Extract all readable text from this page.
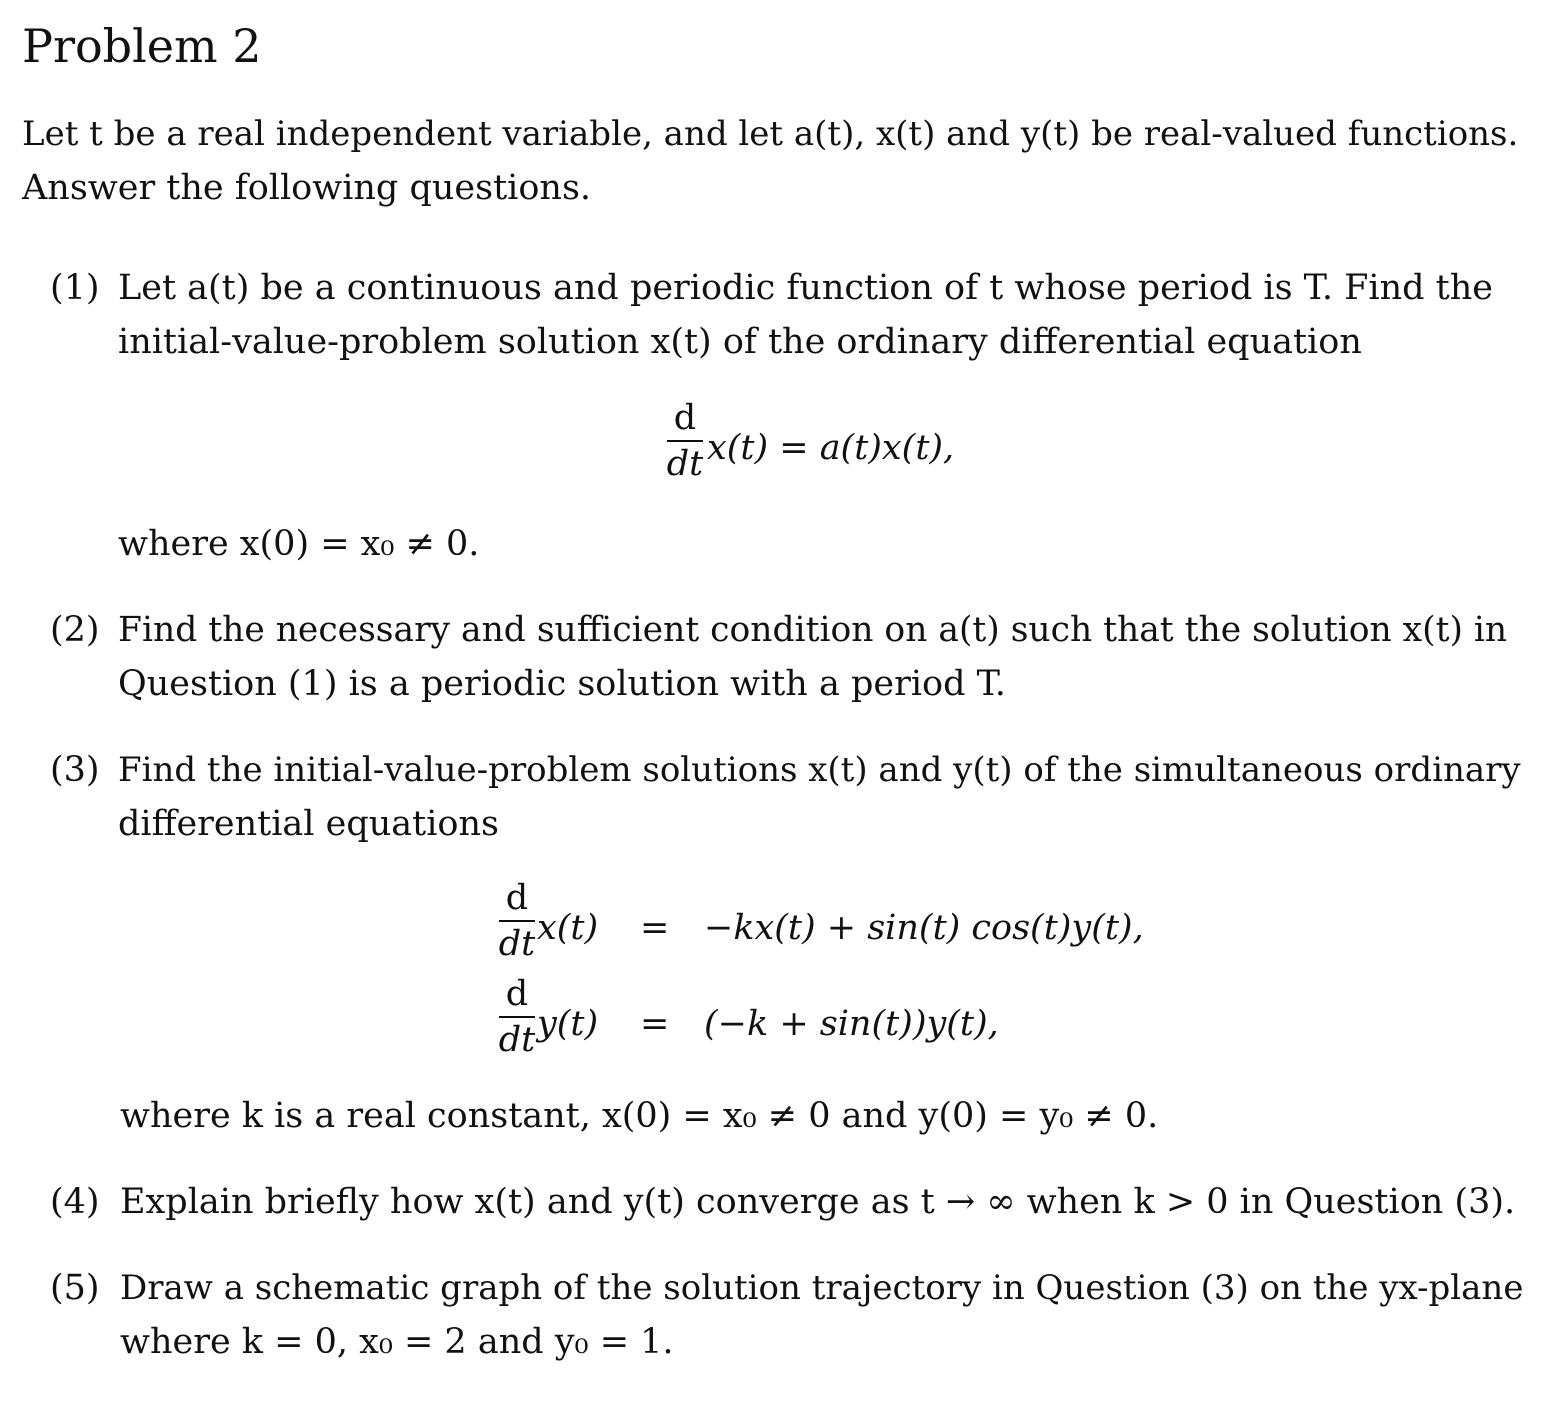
Problem 2
Let t be a real independent variable, and let a(t), x(t) and y(t) be real-valued functions.
Answer the following questions.
(1) Let a(t) be a continuous and periodic function of t whose period is T. Find the
initial-value-problem solution x(t) of the ordinary differential equation
d
dt x(t) = a(t)x(t),
where x(0) = x₀ ≠ 0.
(2) Find the necessary and sufficient condition on a(t) such that the solution x(t) in
Question (1) is a periodic solution with a period T.
(3) Find the initial-value-problem solutions x(t) and y(t) of the simultaneous ordinary
differential equations
d
dt x(t) = −kx(t) + sin(t) cos(t)y(t),
d
dt y(t) = (−k + sin(t))y(t),
where k is a real constant, x(0) = x₀ ≠ 0 and y(0) = y₀ ≠ 0.
(4) Explain briefly how x(t) and y(t) converge as t → ∞ when k > 0 in Question (3).
(5) Draw a schematic graph of the solution trajectory in Question (3) on the yx-plane
where k = 0, x₀ = 2 and y₀ = 1.
